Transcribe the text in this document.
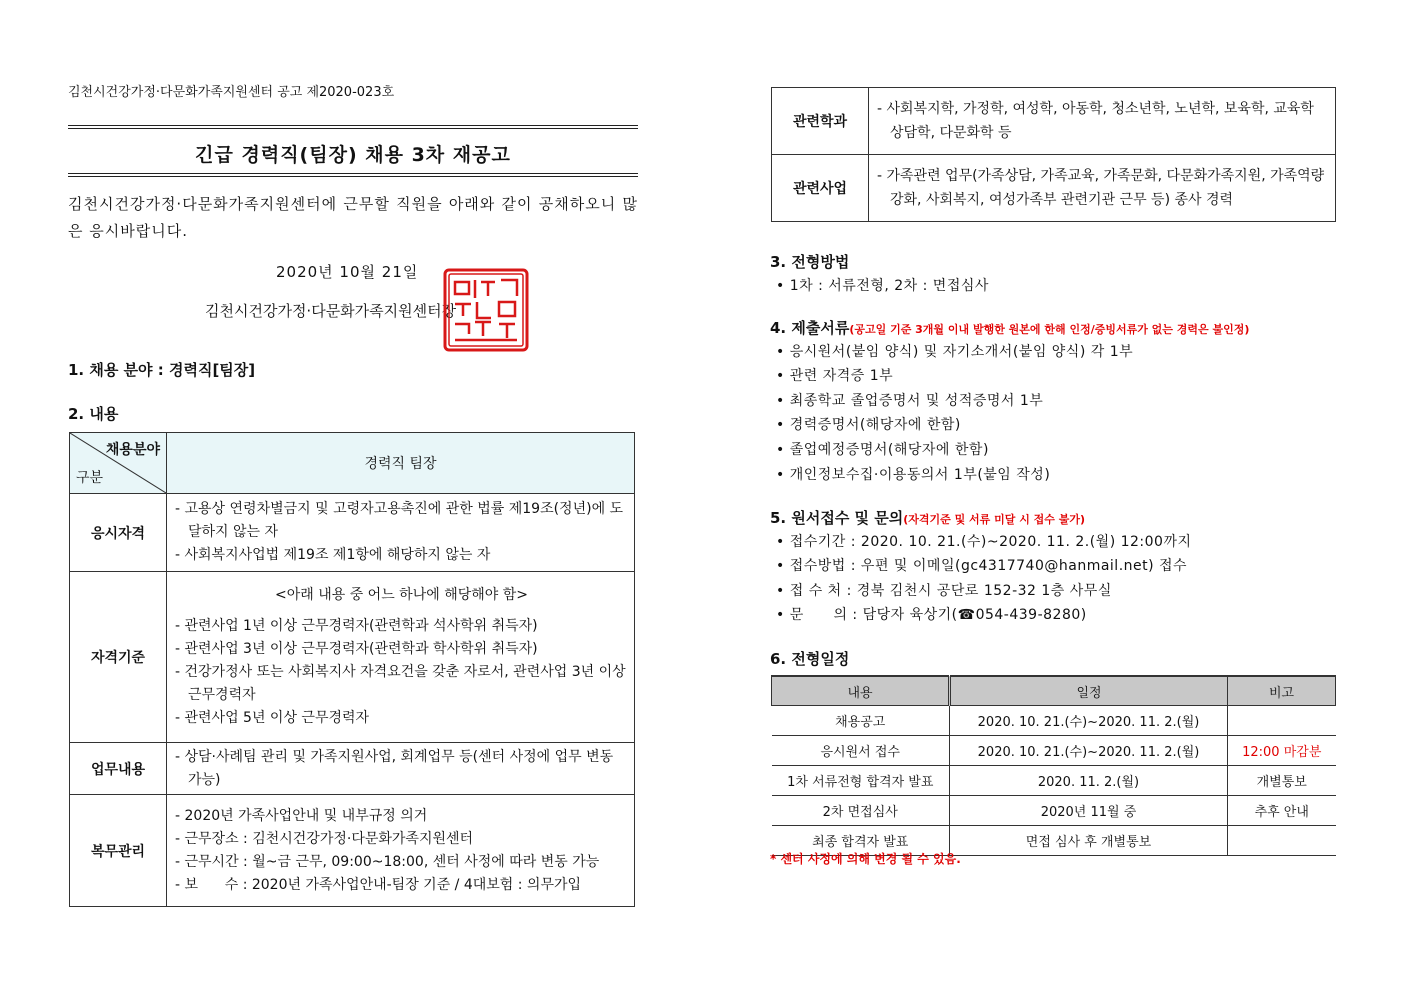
김천시건강가정·다문화가족지원센터 공고 제2020-023호
긴급 경력직(팀장) 채용 3차 재공고
김천시건강가정·다문화가족지원센터에 근무할 직원을 아래와 같이 공채하오니 많은 응시바랍니다.
2020년 10월 21일
김천시건강가정·다문화가족지원센터장
1. 채용 분야 : 경력직[팀장]
2. 내용
채용분야
구분	경력직 팀장
응시자격	- 고용상 연령차별금지 및 고령자고용촉진에 관한 법률 제19조(정년)에 도달하지 않는 자
- 사회복지사업법 제19조 제1항에 해당하지 않는 자

자격기준	<아래 내용 중 어느 하나에 해당해야 함>
- 관련사업 1년 이상 근무경력자(관련학과 석사학위 취득자)
- 관련사업 3년 이상 근무경력자(관련학과 학사학위 취득자)
- 건강가정사 또는 사회복지사 자격요건을 갖춘 자로서, 관련사업 3년 이상 근무경력자
- 관련사업 5년 이상 근무경력자

업무내용	- 상담·사례팀 관리 및 가족지원사업, 회계업무 등(센터 사정에 업무 변동 가능)

복무관리	- 2020년 가족사업안내 및 내부규정 의거
- 근무장소 : 김천시건강가정·다문화가족지원센터
- 근무시간 : 월~금 근무, 09:00~18:00, 센터 사정에 따라 변동 가능
- 보      수 : 2020년 가족사업안내-팀장 기준 / 4대보험 : 의무가입
관련학과	- 사회복지학, 가정학, 여성학, 아동학, 청소년학, 노년학, 보육학, 교육학 상담학, 다문화학 등

관련사업	- 가족관련 업무(가족상담, 가족교육, 가족문화, 다문화가족지원, 가족역량강화, 사회복지, 여성가족부 관련기관 근무 등) 종사 경력
3. 전형방법
• 1차 : 서류전형, 2차 : 면접심사
4. 제출서류(공고일 기준 3개월 이내 발행한 원본에 한해 인정/증빙서류가 없는 경력은 불인정)
• 응시원서(붙임 양식) 및 자기소개서(붙임 양식) 각 1부
• 관련 자격증 1부
• 최종학교 졸업증명서 및 성적증명서 1부
• 경력증명서(해당자에 한함)
• 졸업예정증명서(해당자에 한함)
• 개인정보수집·이용동의서 1부(붙임 작성)
5. 원서접수 및 문의(자격기준 및 서류 미달 시 접수 불가)
• 접수기간 : 2020. 10. 21.(수)~2020. 11. 2.(월) 12:00까지
• 접수방법 : 우편 및 이메일(gc4317740@hanmail.net) 접수
• 접 수 처 : 경북 김천시 공단로 152-32 1층 사무실
• 문      의 : 담당자 육상기(☎054-439-8280)
6. 전형일정
내용	일정	비고
채용공고	2020. 10. 21.(수)~2020. 11. 2.(월)	
응시원서 접수	2020. 10. 21.(수)~2020. 11. 2.(월)	12:00 마감분
1차 서류전형 합격자 발표	2020. 11. 2.(월)	개별통보
2차 면접심사	2020년 11월 중	추후 안내
최종 합격자 발표	면접 심사 후 개별통보	
* 센터 사정에 의해 변경 될 수 있음.
